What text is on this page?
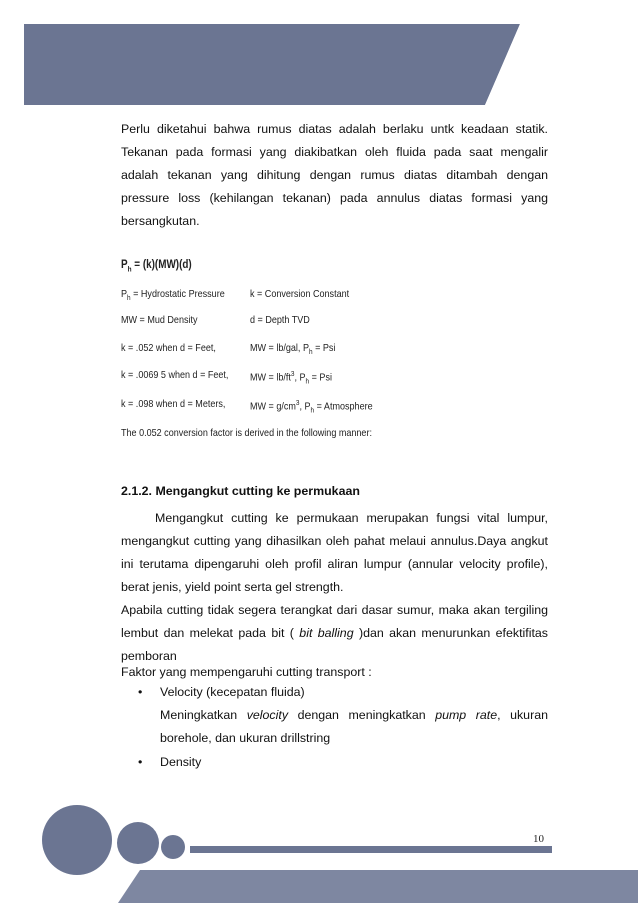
Perlu diketahui bahwa rumus diatas adalah berlaku untk keadaan statik. Tekanan pada formasi yang diakibatkan oleh fluida pada saat mengalir adalah tekanan yang dihitung dengan rumus diatas ditambah dengan pressure loss (kehilangan tekanan) pada annulus diatas formasi yang bersangkutan.
$P_h = (k)(MW)(d)$
$P_h$ = Hydrostatic Pressure k = Conversion Constant
MW = Mud Density	d = Depth TVD
k = .052 when d = Feet,	MW = lb/gal, $P_h$ = Psi
k = .0069 5 when d = Feet, MW = $lb/ft^3$, $P_h$ = Psi
k = .098 when d = Meters, MW = $g/cm^3$, $P_h$ = Atmosphere
The 0.052 conversion factor is derived in the following manner:
2.1.2. Mengangkut cutting ke permukaan
Mengangkut cutting ke permukaan merupakan fungsi vital lumpur, mengangkut cutting yang dihasilkan oleh pahat melaui annulus.Daya angkut ini terutama dipengaruhi oleh profil aliran lumpur (annular velocity profile), berat jenis, yield point serta gel strength.
Apabila cutting tidak segera terangkat dari dasar sumur, maka akan tergiling lembut dan melekat pada bit ( bit balling )dan akan menurunkan efektifitas pemboran
Faktor yang mempengaruhi cutting transport :
• Velocity (kecepatan fluida)
Meningkatkan velocity dengan meningkatkan pump rate, ukuran borehole, dan ukuran drillstring
• Density
10
